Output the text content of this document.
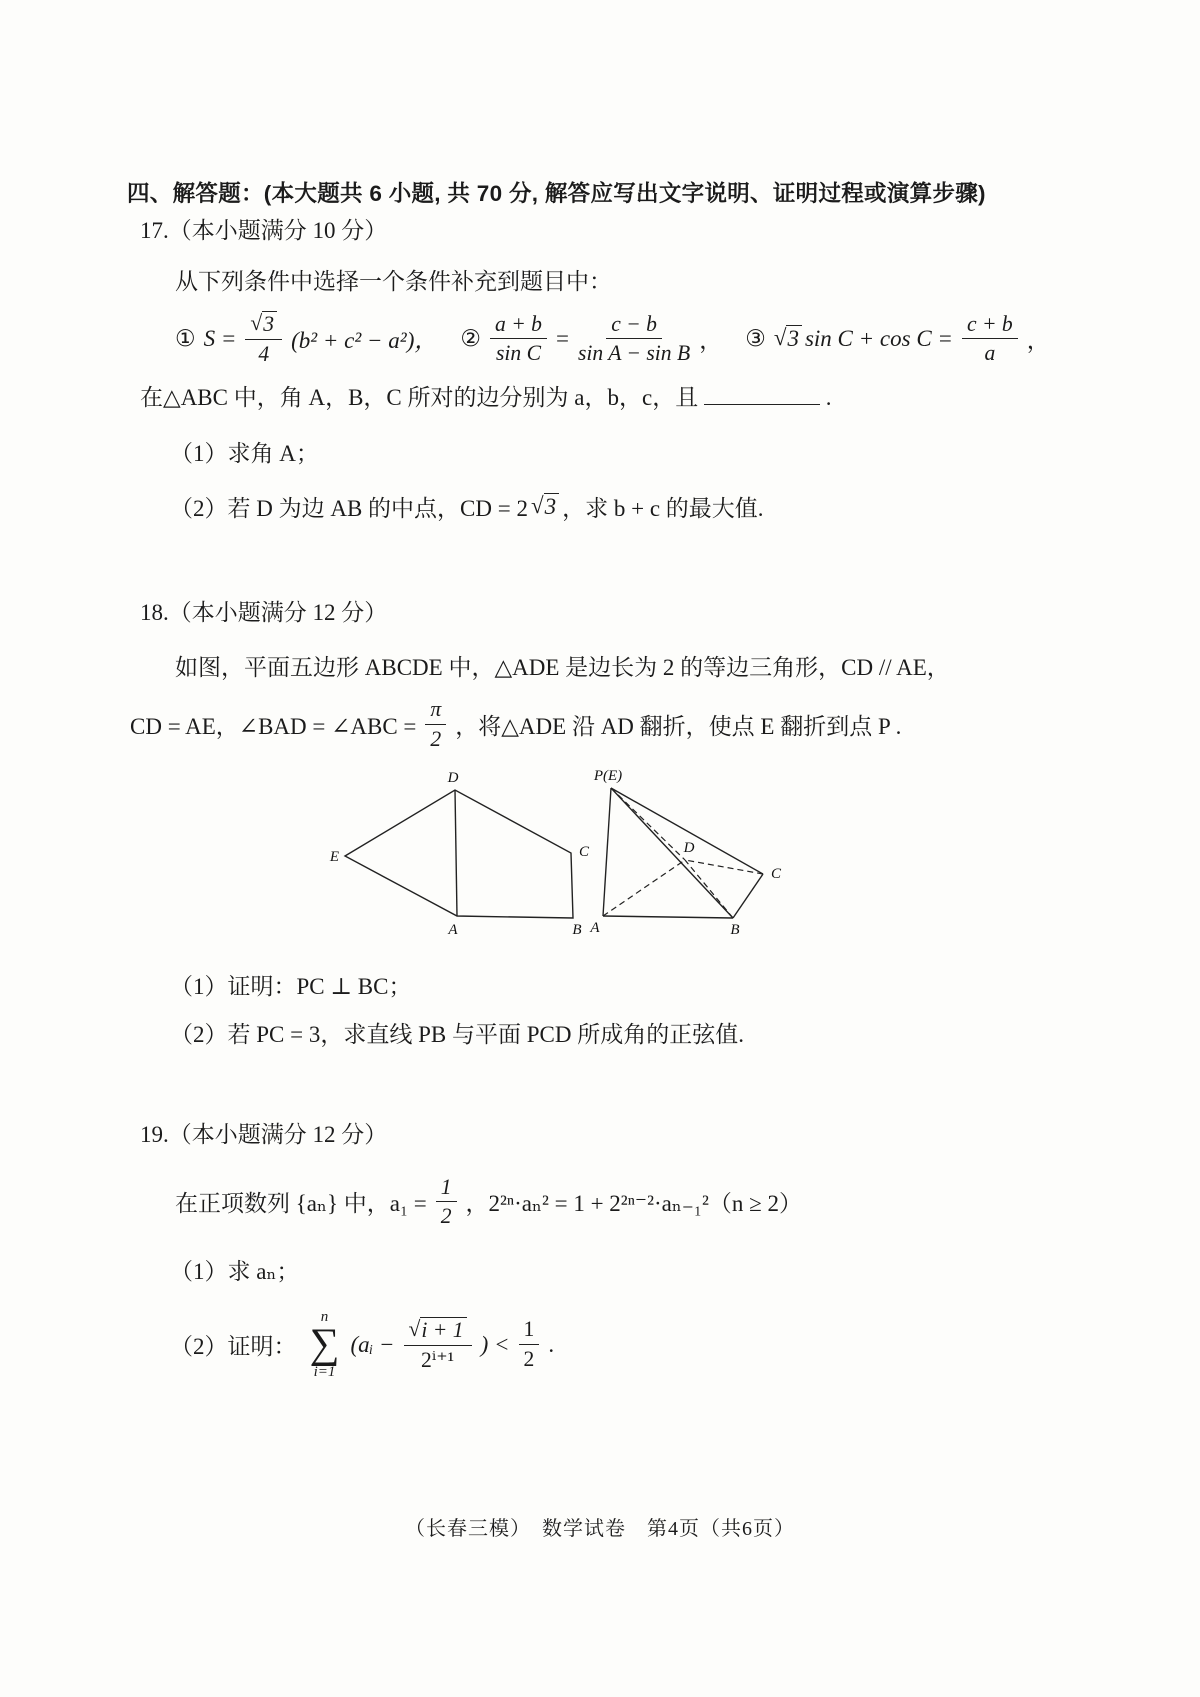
四、解答题：(本大题共 6 小题, 共 70 分, 解答应写出文字说明、证明过程或演算步骤)
17.（本小题满分 10 分）
从下列条件中选择一个条件补充到题目中：
① S = √ $\frac{3}{4} (b^2 + c^2 - a^2)$， ② $\frac{a + b}{\text{sin C}} = \frac{c - b}{\text{sin A − sin B}}$ ， ③ √ 3 $\sin C + \cos C = \frac{c + b}{a}$ ，
在△ABC 中，角 A，B，C 所对的边分别为 a，b，c，且	.
（1）求角 A；
（2）若 D 为边 AB 的中点，CD = 2 √ 3 ，求 b + c 的最大值.
18.（本小题满分 12 分）
如图，平面五边形 ABCDE 中，△ADE 是边长为 2 的等边三角形，CD // AE，
CD = AE，∠BAD = ∠ABC = $\frac{\pi}{2}$ ，将△ADE 沿 AD 翻折，使点 E 翻折到点 P .
D
E	C
A	B
P(E)
D
C
A	B
（1）证明：PC ⊥ BC；
（2）若 PC = 3，求直线 PB 与平面 PCD 所成角的正弦值.
19.（本小题满分 12 分）
在正项数列 {aₙ} 中，$a_1 = \frac{1}{2}$ ，2²ⁿ·aₙ² = 1 + 2²ⁿ⁻²·aₙ₋₁²（n ≥ 2）
（1）求 aₙ；
（2）证明：
n
∑
i=1
(aᵢ − √ $\frac{i + 1}{\text{2ⁱ⁺¹}}$ ) < $\frac{1}{2}$ .
（长春三模）　数学试卷　第4页（共6页）
